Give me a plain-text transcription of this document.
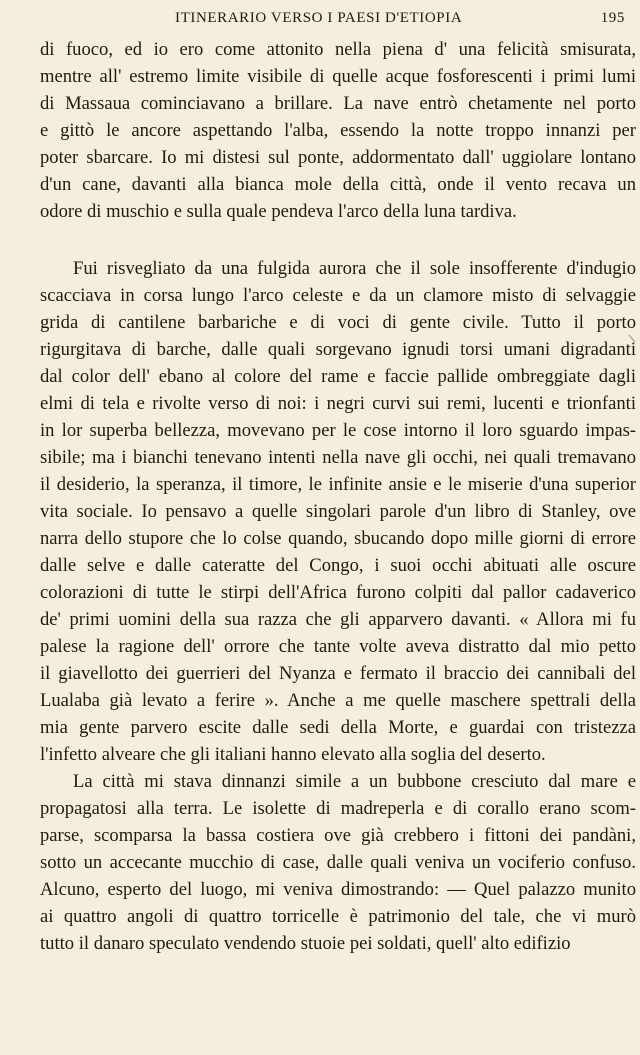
ITINERARIO VERSO I PAESI D'ETIOPIA	195
di fuoco, ed io ero come attonito nella piena d' una felicità smisurata,
mentre all' estremo limite visibile di quelle acque fosforescenti i primi lumi
di Massaua cominciavano a brillare. La nave entrò chetamente nel porto
e gittò le ancore aspettando l'alba, essendo la notte troppo innanzi per
poter sbarcare. Io mi distesi sul ponte, addormentato dall' uggiolare lontano
d'un cane, davanti alla bianca mole della città, onde il vento recava un
odore di muschio e sulla quale pendeva l'arco della luna tardiva.
Fui risvegliato da una fulgida aurora che il sole insofferente d'indugio
scacciava in corsa lungo l'arco celeste e da un clamore misto di selvaggie
grida di cantilene barbariche e di voci di gente civile. Tutto il porto
rigurgitava di barche, dalle quali sorgevano ignudi torsi umani digradanti
dal color dell' ebano al colore del rame e faccie pallide ombreggiate dagli
elmi di tela e rivolte verso di noi: i negri curvi sui remi, lucenti e trionfanti
in lor superba bellezza, movevano per le cose intorno il loro sguardo impas-
sibile; ma i bianchi tenevano intenti nella nave gli occhi, nei quali tremavano
il desiderio, la speranza, il timore, le infinite ansie e le miserie d'una superior
vita sociale. Io pensavo a quelle singolari parole d'un libro di Stanley, ove
narra dello stupore che lo colse quando, sbucando dopo mille giorni di errore
dalle selve e dalle cateratte del Congo, i suoi occhi abituati alle oscure
colorazioni di tutte le stirpi dell'Africa furono colpiti dal pallor cadaverico
de' primi uomini della sua razza che gli apparvero davanti. « Allora mi fu
palese la ragione dell' orrore che tante volte aveva distratto dal mio petto
il giavellotto dei guerrieri del Nyanza e fermato il braccio dei cannibali del
Lualaba già levato a ferire ». Anche a me quelle maschere spettrali della
mia gente parvero escite dalle sedi della Morte, e guardai con tristezza
l'infetto alveare che gli italiani hanno elevato alla soglia del deserto.
La città mi stava dinnanzi simile a un bubbone cresciuto dal mare e
propagatosi alla terra. Le isolette di madreperla e di corallo erano scom-
parse, scomparsa la bassa costiera ove già crebbero i fittoni dei pandàni,
sotto un accecante mucchio di case, dalle quali veniva un vociferio confuso.
Alcuno, esperto del luogo, mi veniva dimostrando: — Quel palazzo munito
ai quattro angoli di quattro torricelle è patrimonio del tale, che vi murò
tutto il danaro speculato vendendo stuoie pei soldati, quell' alto edifizio
